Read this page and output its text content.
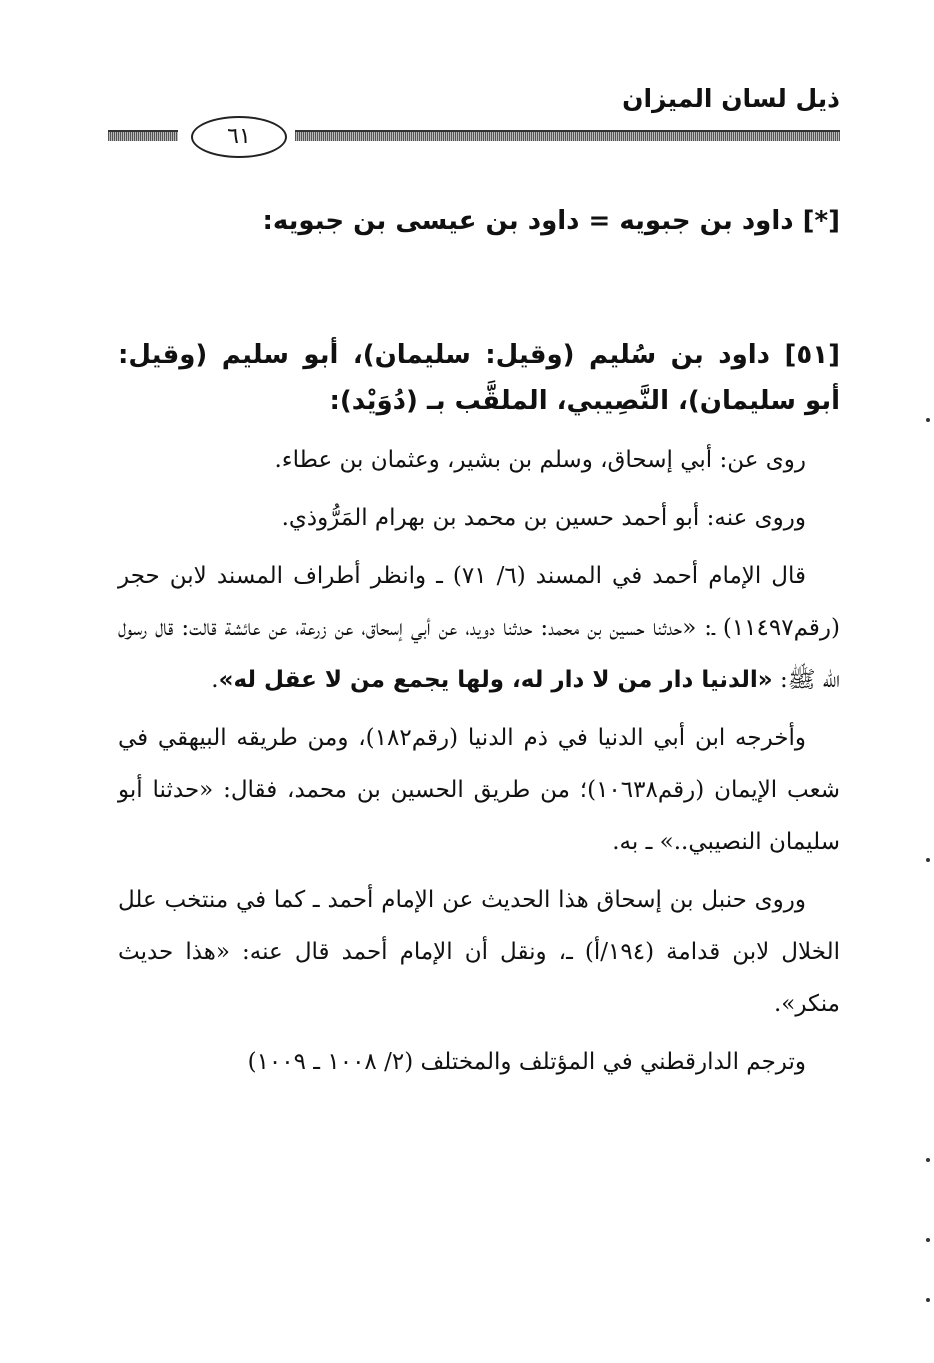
ذيل لسان الميزان
٦١

[*] داود بن جبويه = داود بن عيسى بن جبويه:

[٥١] داود بن سُليم (وقيل: سليمان)، أبو سليم (وقيل: أبو سليمان)، النَّصِيبي، الملقَّب بـ (دُوَيْد):

روى عن: أبي إسحاق، وسلم بن بشير، وعثمان بن عطاء.

وروى عنه: أبو أحمد حسين بن محمد بن بهرام المَرُّوذي.

قال الإمام أحمد في المسند (٦/ ٧١) ـ وانظر أطراف المسند لابن حجر (رقم١١٤٩٧) ـ: «حدثنا حسين بن محمد: حدثنا دويد، عن أبي إسحاق، عن زرعة، عن عائشة قالت: قال رسول الله ﷺ: «الدنيا دار من لا دار له، ولها يجمع من لا عقل له».

وأخرجه ابن أبي الدنيا في ذم الدنيا (رقم١٨٢)، ومن طريقه البيهقي في شعب الإيمان (رقم١٠٦٣٨)؛ من طريق الحسين بن محمد، فقال: «حدثنا أبو سليمان النصيبي..» ـ به.

وروى حنبل بن إسحاق هذا الحديث عن الإمام أحمد ـ كما في منتخب علل الخلال لابن قدامة (١٩٤/أ) ـ، ونقل أن الإمام أحمد قال عنه: «هذا حديث منكر».

وترجم الدارقطني في المؤتلف والمختلف (٢/ ١٠٠٨ ـ ١٠٠٩)
